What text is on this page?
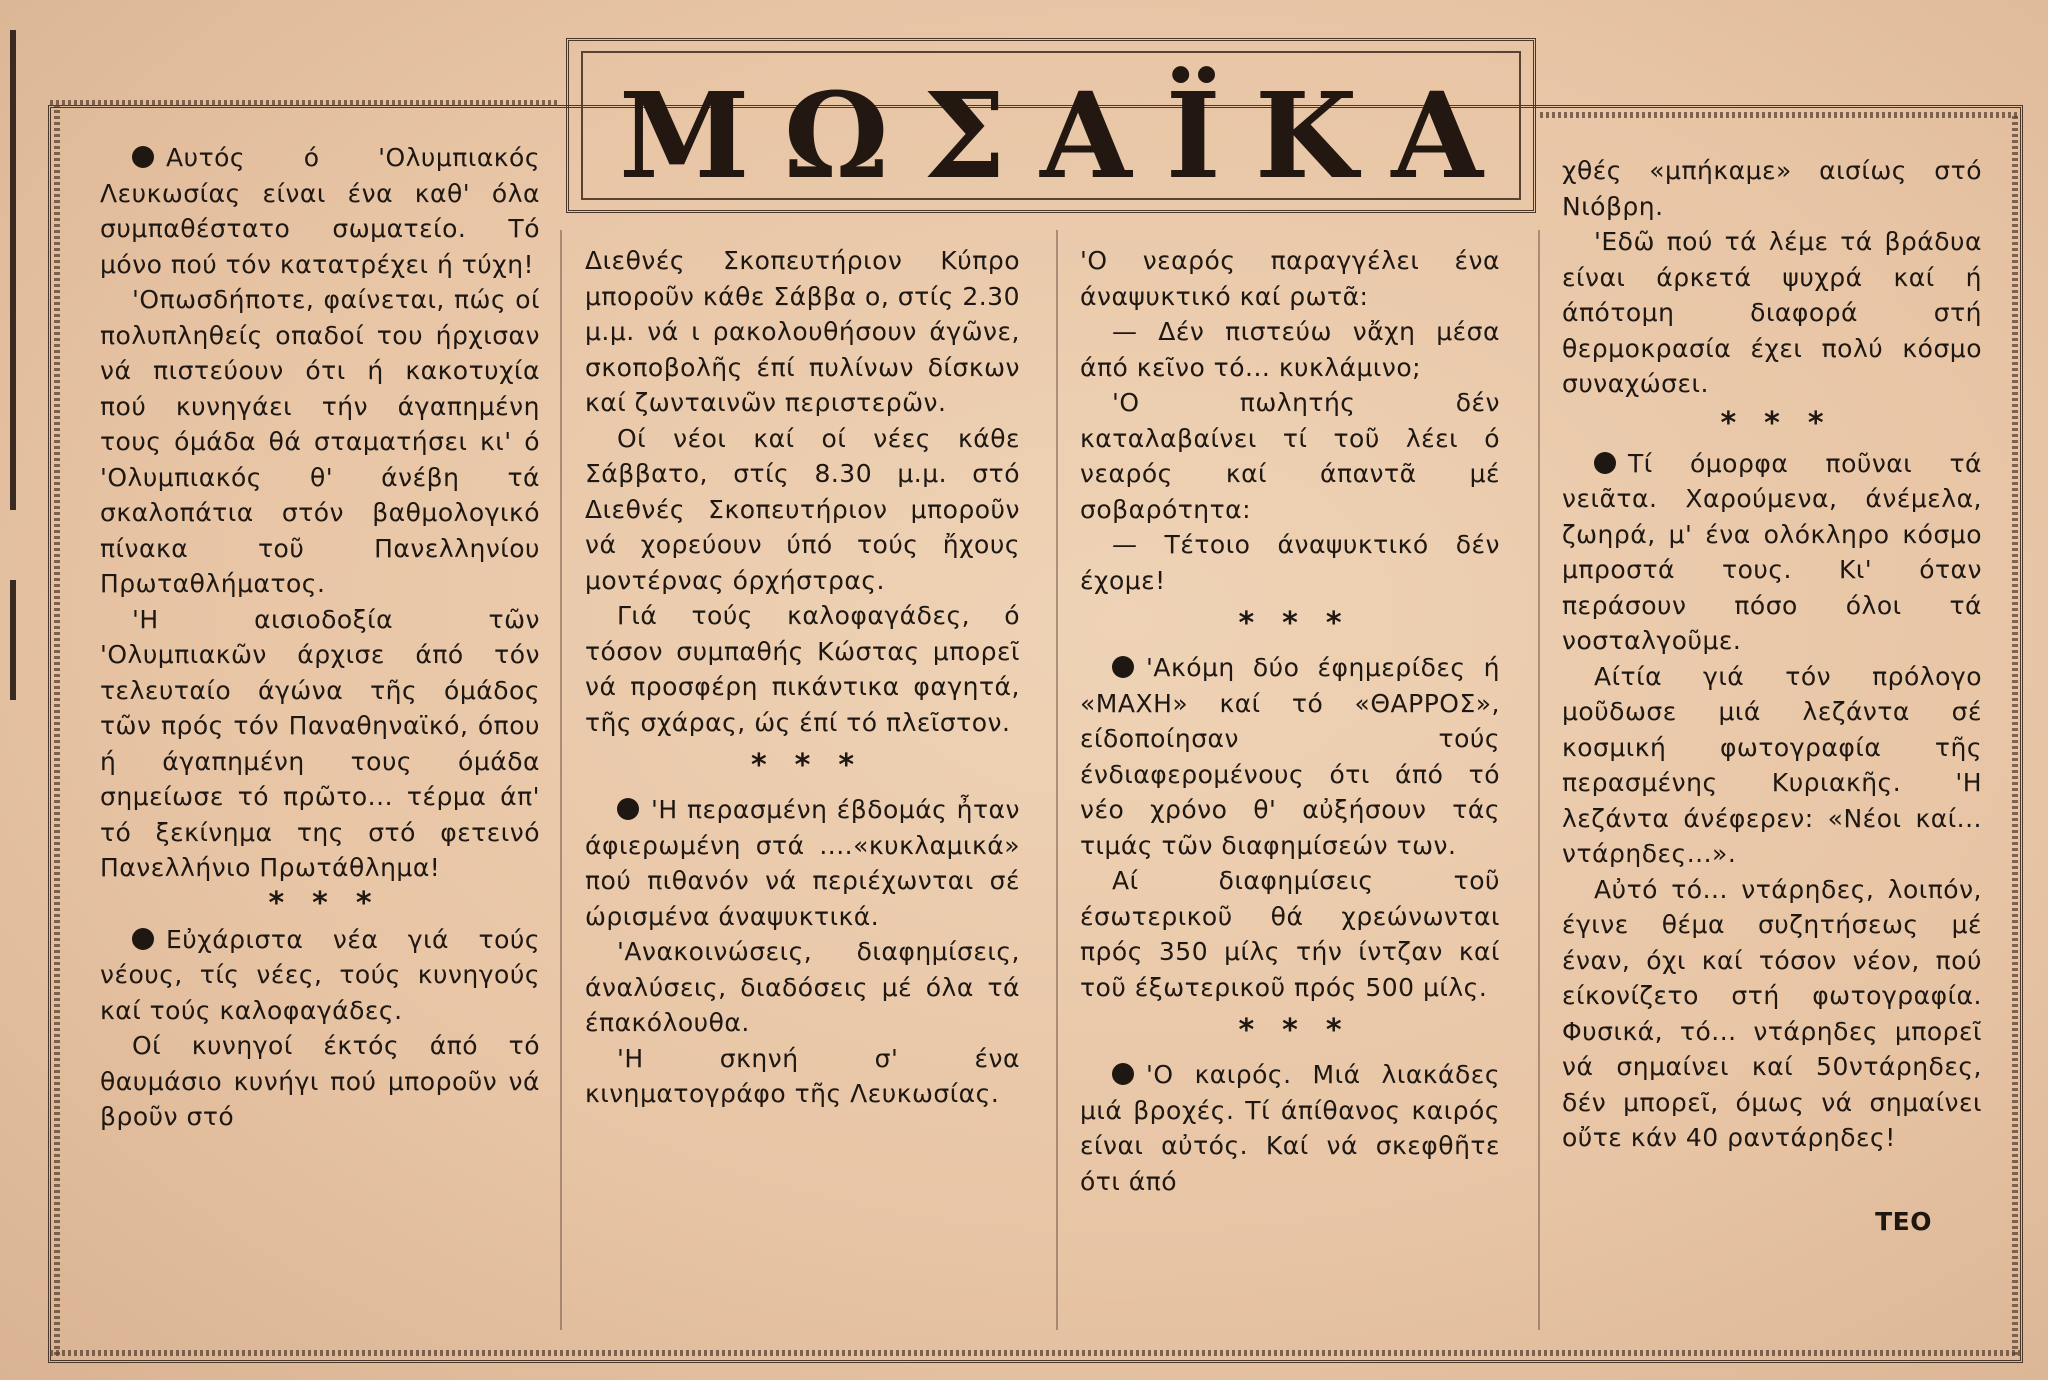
ΜΩΣΑΪΚΑ

Αυτός ό 'Ολυμπιακός Λευκωσίας είναι ένα καθ' όλα συμπαθέστατο σωματείο. Τό μόνο πού τόν κατατρέχει ή τύχη!

'Οπωσδήποτε, φαίνεται, πώς οί πολυπληθείς οπαδοί του ήρχισαν νά πιστεύουν ότι ή κακοτυχία πού κυνηγάει τήν άγαπημένη τους όμάδα θά σταματήσει κι' ό 'Ολυμπιακός θ' άνέβη τά σκαλοπάτια στόν βαθμολογικό πίνακα τοῦ Πανελληνίου Πρωταθλήματος.

'Η αισιοδοξία τῶν 'Ολυμπιακῶν άρχισε άπό τόν τελευταίο άγώνα τῆς όμάδος τῶν πρός τόν Παναθηναϊκό, όπου ή άγαπημένη τους όμάδα σημείωσε τό πρῶτο... τέρμα άπ' τό ξεκίνημα της στό φετεινό Πανελλήνιο Πρωτάθλημα!

***

Εὐχάριστα νέα γιά τούς νέους, τίς νέες, τούς κυνηγούς καί τούς καλοφαγάδες.

Οί κυνηγοί έκτός άπό τό θαυμάσιο κυνήγι πού μποροῦν νά βροῦν στό

Διεθνές Σκοπευτήριον Κύπρο μποροῦν κάθε Σάββα ο, στίς 2.30 μ.μ. νά ι ρακολουθήσουν άγῶνε, σκοποβολῆς έπί πυλίνων δίσκων καί ζωνταινῶν περιστερῶν.

Οί νέοι καί οί νέες κάθε Σάββατο, στίς 8.30 μ.μ. στό Διεθνές Σκοπευτήριον μποροῦν νά χορεύουν ύπό τούς ἤχους μοντέρνας όρχήστρας.

Γιά τούς καλοφαγάδες, ό τόσον συμπαθής Κώστας μπορεῖ νά προσφέρη πικάντικα φαγητά, τῆς σχάρας, ώς έπί τό πλεῖστον.

***

'Η περασμένη έβδομάς ἦταν άφιερωμένη στά ....«κυκλαμικά» πού πιθανόν νά περιέχωνται σέ ώρισμένα άναψυκτικά.

'Ανακοινώσεις, διαφημίσεις, άναλύσεις, διαδόσεις μέ όλα τά έπακόλουθα.

'Η σκηνή σ' ένα κινηματογράφο τῆς Λευκωσίας.

'Ο νεαρός παραγγέλει ένα άναψυκτικό καί ρωτᾶ:

— Δέν πιστεύω νἄχη μέσα άπό κεῖνο τό... κυκλάμινο;

'Ο πωλητής δέν καταλαβαίνει τί τοῦ λέει ό νεαρός καί άπαντᾶ μέ σοβαρότητα:

— Τέτοιο άναψυκτικό δέν έχομε!

***

'Ακόμη δύο έφημερίδες ή «ΜΑΧΗ» καί τό «ΘΑΡΡΟΣ», είδοποίησαν τούς ένδιαφερομένους ότι άπό τό νέο χρόνο θ' αὐξήσουν τάς τιμάς τῶν διαφημίσεών των.

Αί διαφημίσεις τοῦ έσωτερικοῦ θά χρεώνωνται πρός 350 μίλς τήν ίντζαν καί τοῦ έξωτερικοῦ πρός 500 μίλς.

***

'Ο καιρός. Μιά λιακάδες μιά βροχές. Τί άπίθανος καιρός είναι αὐτός. Καί νά σκεφθῆτε ότι άπό

χθές «μπήκαμε» αισίως στό Νιόβρη.

'Εδῶ πού τά λέμε τά βράδυα είναι άρκετά ψυχρά καί ή άπότομη διαφορά στή θερμοκρασία έχει πολύ κόσμο συναχώσει.

***

Τί όμορφα ποῦναι τά νειᾶτα. Χαρούμενα, άνέμελα, ζωηρά, μ' ένα ολόκληρο κόσμο μπροστά τους. Κι' όταν περάσουν πόσο όλοι τά νοσταλγοῦμε.

Αίτία γιά τόν πρόλογο μοῦδωσε μιά λεζάντα σέ κοσμική φωτογραφία τῆς περασμένης Κυριακῆς. 'Η λεζάντα άνέφερεν: «Νέοι καί... ντάρηδες...».

Αὐτό τό... ντάρηδες, λοιπόν, έγινε θέμα συζητήσεως μέ έναν, όχι καί τόσον νέον, πού είκονίζετο στή φωτογραφία. Φυσικά, τό... ντάρηδες μπορεῖ νά σημαίνει καί 50ντάρηδες, δέν μπορεῖ, όμως νά σημαίνει οὔτε κάν 40 ραντάρηδες!

ΤΕΟ
